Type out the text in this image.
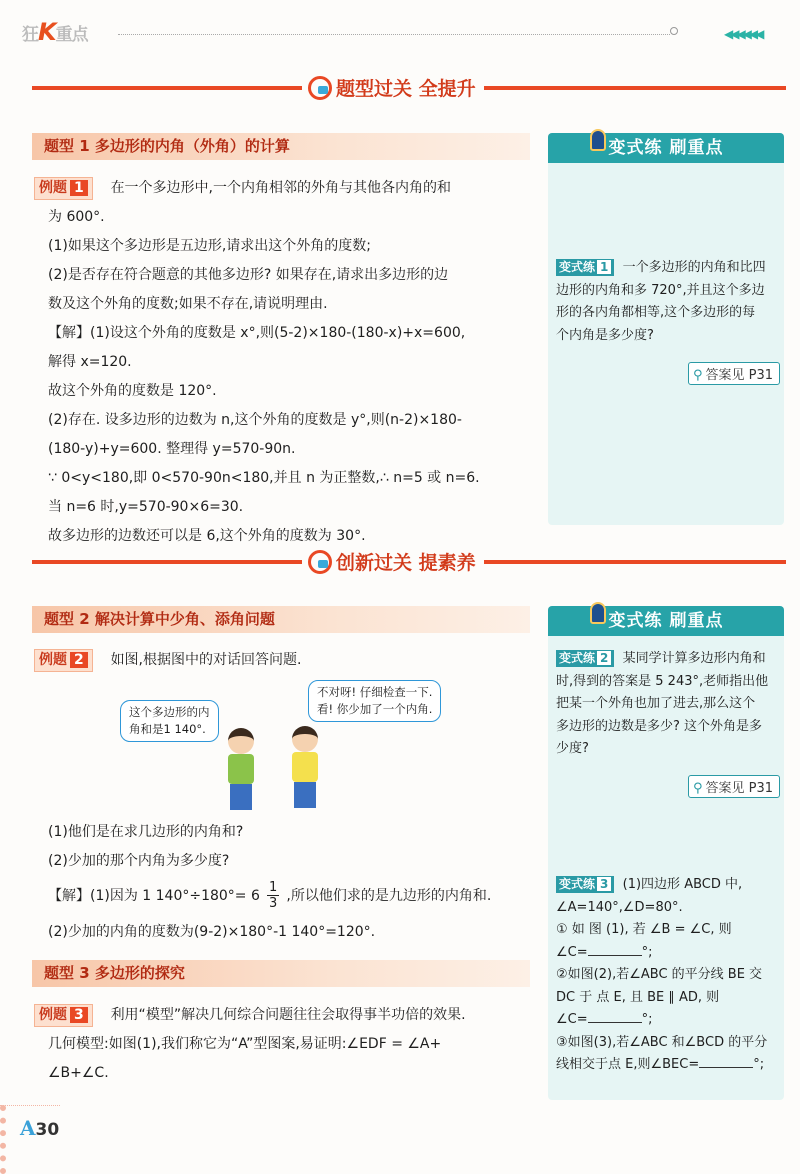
狂K重点	◀◀◀◀◀◀
题型过关 全提升
题型 1 多边形的内角（外角）的计算
例题 1 在一个多边形中,一个内角相邻的外角与其他各内角的和
为 600°.
(1)如果这个多边形是五边形,请求出这个外角的度数;
(2)是否存在符合题意的其他多边形? 如果存在,请求出多边形的边
数及这个外角的度数;如果不存在,请说明理由.
【解】(1)设这个外角的度数是 x°,则(5-2)×180-(180-x)+x=600,
解得 x=120.
故这个外角的度数是 120°.
(2)存在. 设多边形的边数为 n,这个外角的度数是 y°,则(n-2)×180-
(180-y)+y=600. 整理得 y=570-90n.
∵ 0<y<180,即 0<570-90n<180,并且 n 为正整数,∴ n=5 或 n=6.
当 n=6 时,y=570-90×6=30.
故多边形的边数还可以是 6,这个外角的度数为 30°.
变式练 刷重点
变式练 1 一个多边形的内角和比四
边形的内角和多 720°,并且这个多边
形的各内角都相等,这个多边形的每
个内角是多少度?
⚲ 答案见 P31
创新过关 提素养
题型 2 解决计算中少角、添角问题
例题 2 如图,根据图中的对话回答问题.
这个多边形的内
角和是1 140°.
不对呀! 仔细检查一下.
看! 你少加了一个内角.
(1)他们是在求几边形的内角和?
(2)少加的那个内角为多少度?
【解】(1)因为 1 $140^\circ\div 180^\circ= 6 \frac{1}{3}$ ,所以他们求的是九边形的内角和.
(2)少加的内角的度数为(9-2)×180°-1 140°=120°.
题型 3 多边形的探究
例题 3 利用“模型”解决几何综合问题往往会取得事半功倍的效果.
几何模型:如图(1),我们称它为“A”型图案,易证明:∠EDF = ∠A+
∠B+∠C.
变式练 刷重点
变式练 2 某同学计算多边形内角和
时,得到的答案是 5 243°,老师指出他
把某一个外角也加了进去,那么这个
多边形的边数是多少? 这个外角是多
少度?
⚲ 答案见 P31
变式练 3 (1)四边形 ABCD 中,
∠A=140°,∠D=80°.
① 如 图 (1), 若 ∠B = ∠C, 则
∠C=	°;
②如图(2),若∠ABC 的平分线 BE 交
DC 于 点 E, 且 BE ∥ AD, 则
∠C=	°;
③如图(3),若∠ABC 和∠BCD 的平分
线相交于点 E,则∠BEC=	°;
A30
